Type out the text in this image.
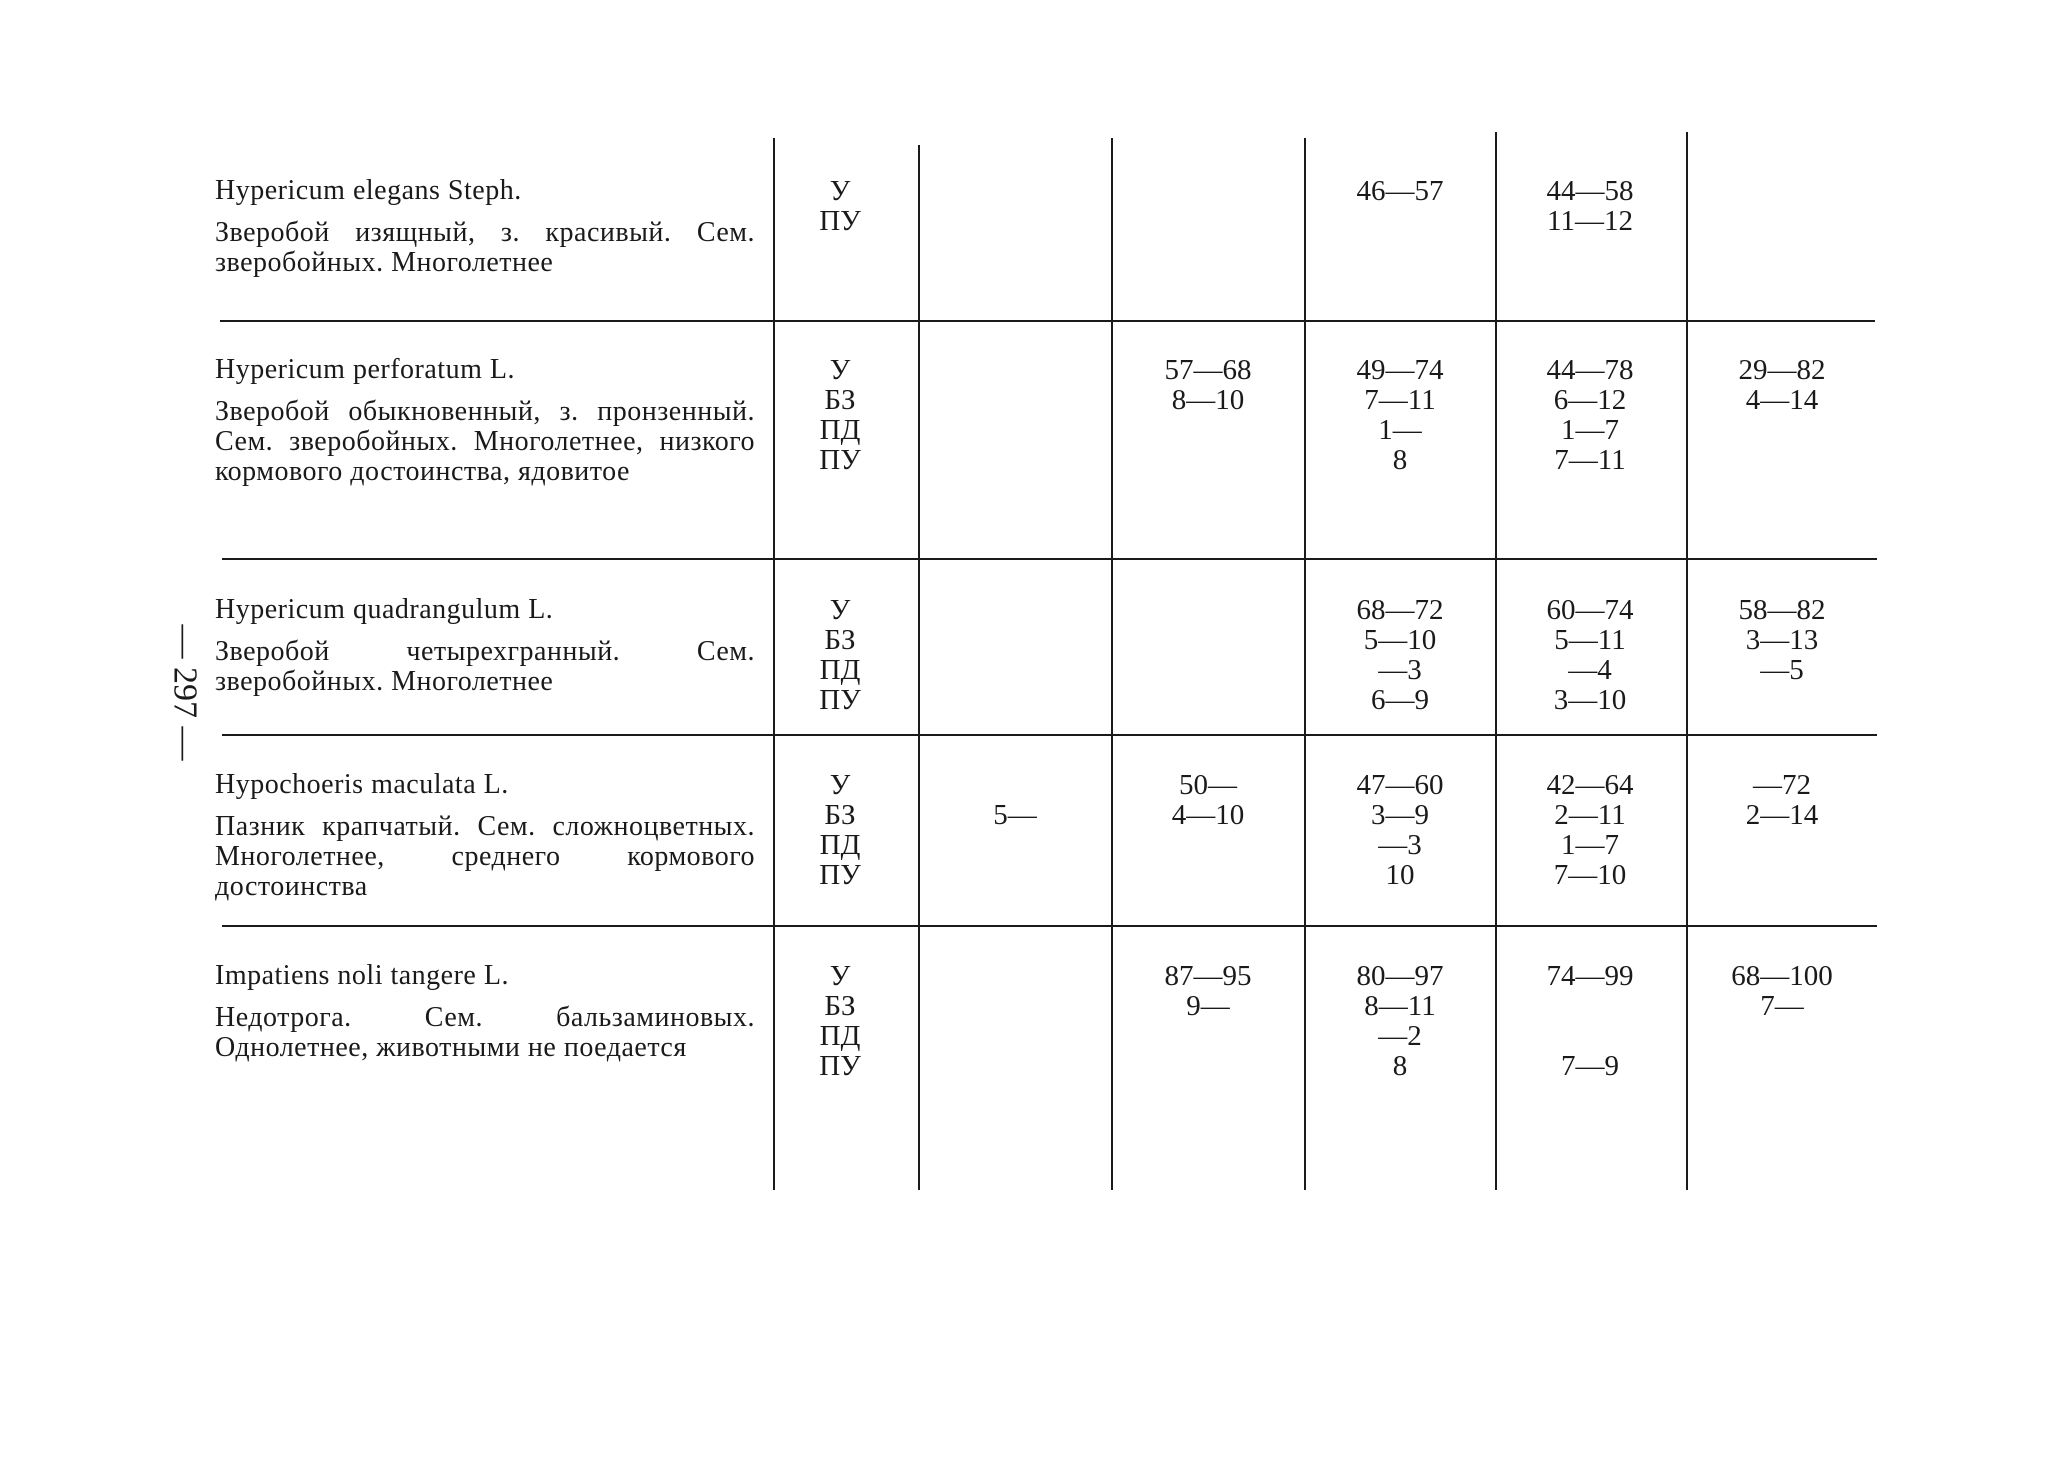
— 297 —
Hypericum elegans Steph.
Зверобой изящный, з. красивый. Сем. зверобойных. Многолетнее
У
ПУ
46—57	44—58
11—12
Hypericum perforatum L.
Зверобой обыкновенный, з. пронзенный. Сем. зверобойных. Многолетнее, низкого кормового достоинства, ядовитое
У
БЗ
ПД
ПУ
57—68
8—10
49—74
7—11
1—
8
44—78
6—12
1—7
7—11
29—82
4—14
Hypericum quadrangulum L.
Зверобой четырехгранный. Сем. зверобойных. Многолетнее
У
БЗ
ПД
ПУ
68—72
5—10
—3
6—9
60—74
5—11
—4
3—10
58—82
3—13
—5
Hypochoeris maculata L.
Пазник крапчатый. Сем. сложноцветных. Многолетнее, среднего кормового достоинства
У
БЗ
ПД
ПУ
5—
50—
4—10
47—60
3—9
—3
10
42—64
2—11
1—7
7—10
—72
2—14
Impatiens noli tangere L.
Недотрога. Сем. бальзаминовых. Однолетнее, животными не поедается
У
БЗ
ПД
ПУ
87—95
9—
80—97
8—11
—2
8
74—99
7—9
68—100
7—
